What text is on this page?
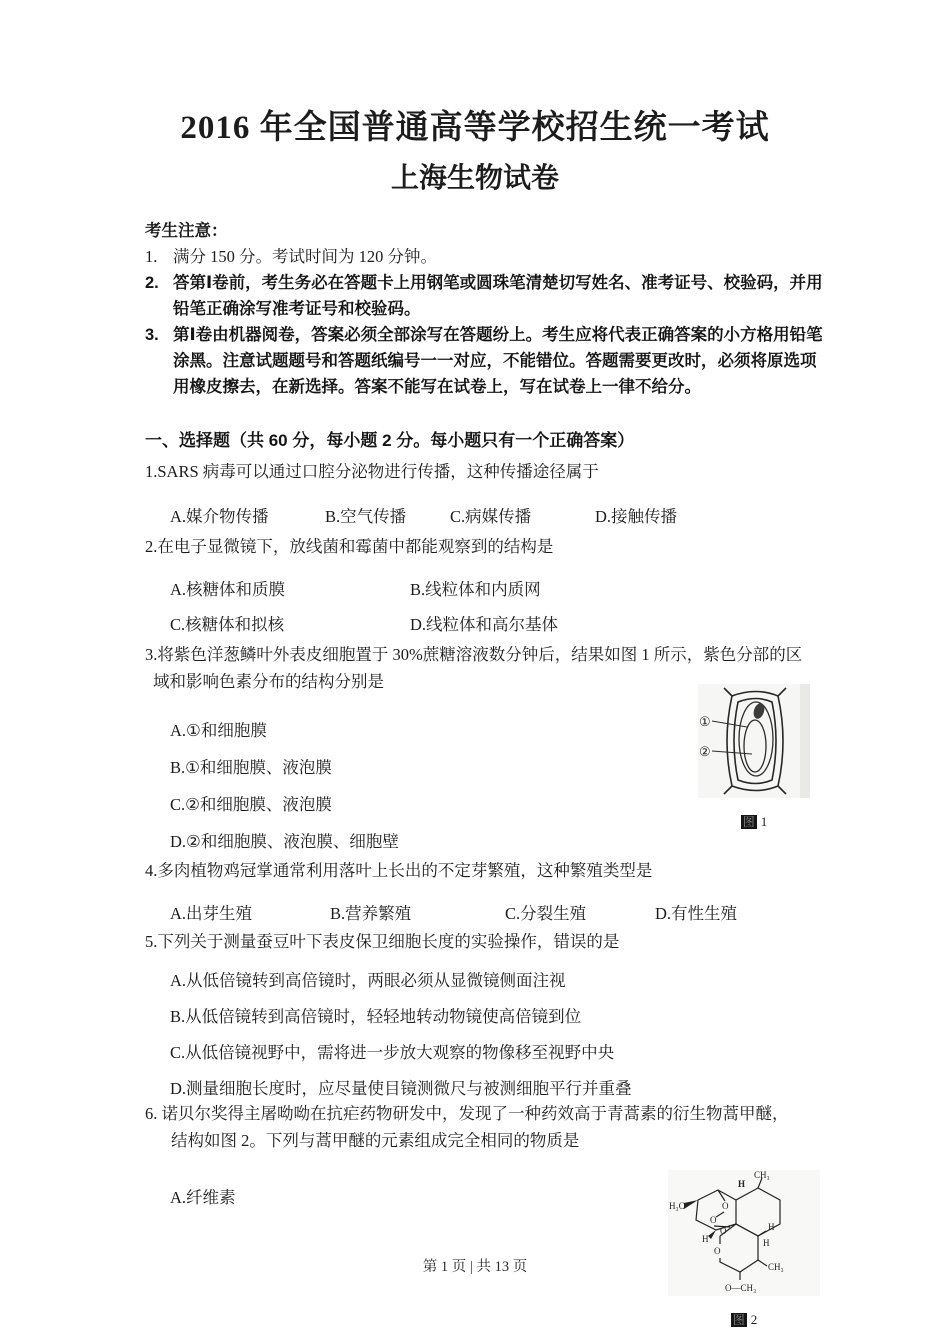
2016 年全国普通高等学校招生统一考试
上海生物试卷
考生注意：
1. 满分 150 分。考试时间为 120 分钟。
2. 答第Ⅰ卷前，考生务必在答题卡上用钢笔或圆珠笔清楚切写姓名、准考证号、校验码，并用铅笔正确涂写准考证号和校验码。
3. 第Ⅰ卷由机器阅卷，答案必须全部涂写在答题纷上。考生应将代表正确答案的小方格用铅笔涂黑。注意试题题号和答题纸编号一一对应，不能错位。答题需要更改时，必须将原选项用橡皮擦去，在新选择。答案不能写在试卷上，写在试卷上一律不给分。
一、选择题（共 60 分，每小题 2 分。每小题只有一个正确答案）
1.SARS 病毒可以通过口腔分泌物进行传播，这种传播途径属于
A.媒介物传播	B.空气传播	C.病媒传播	D.接触传播
2.在电子显微镜下，放线菌和霉菌中都能观察到的结构是
A.核糖体和质膜	B.线粒体和内质网
C.核糖体和拟核	D.线粒体和高尔基体
3.将紫色洋葱鳞叶外表皮细胞置于 30%蔗糖溶液数分钟后，结果如图 1 所示，紫色分部的区
域和影响色素分布的结构分别是

A.①和细胞膜

B.①和细胞膜、液泡膜

C.②和细胞膜、液泡膜

D.②和细胞膜、液泡膜、细胞壁

①
②
图 1
4.多肉植物鸡冠掌通常利用落叶上长出的不定芽繁殖，这种繁殖类型是
A.出芽生殖	B.营养繁殖	C.分裂生殖	D.有性生殖
5.下列关于测量蚕豆叶下表皮保卫细胞长度的实验操作，错误的是

A.从低倍镜转到高倍镜时，两眼必须从显微镜侧面注视

B.从低倍镜转到高倍镜时，轻轻地转动物镜使高倍镜到位

C.从低倍镜视野中，需将进一步放大观察的物像移至视野中央

D.测量细胞长度时，应尽量使目镜测微尺与被测细胞平行并重叠

6. 诺贝尔奖得主屠呦呦在抗疟药物研发中，发现了一种药效高于青蒿素的衍生物蒿甲醚，
结构如图 2。下列与蒿甲醚的元素组成完全相同的物质是

A.纤维素	H₃C
CH₃
H
H
H
H
O
O
O
O
CH₃
O—CH₃
图 2
第 1 页 | 共 13 页
